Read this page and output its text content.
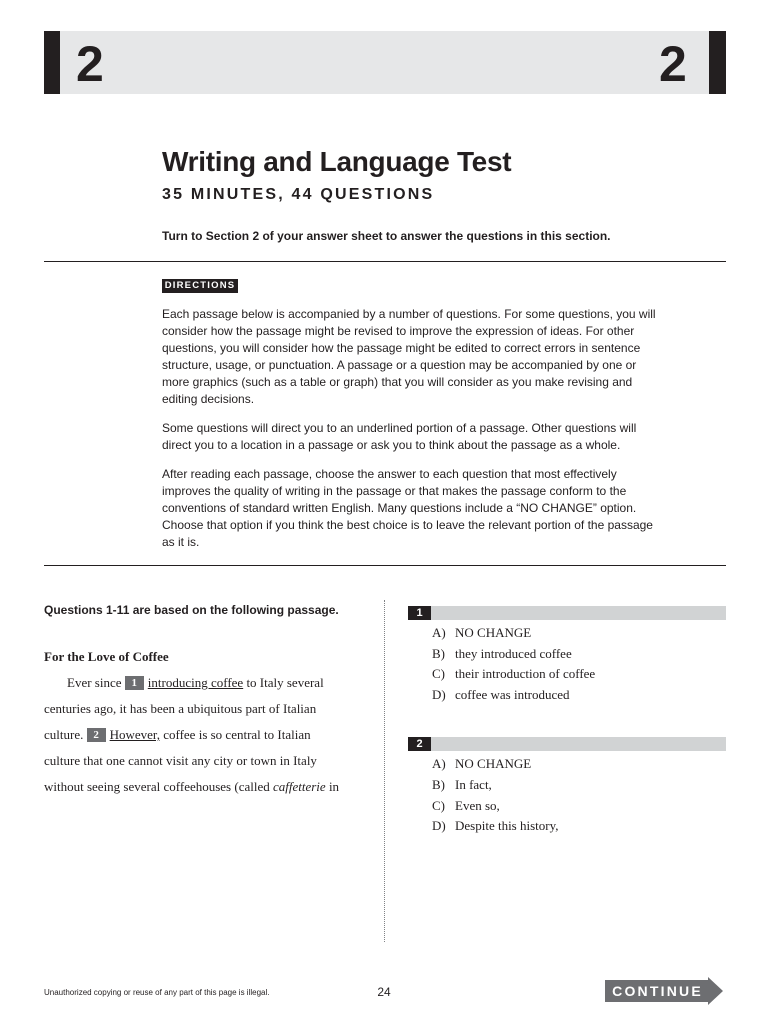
2	2
Writing and Language Test
35 MINUTES, 44 QUESTIONS
Turn to Section 2 of your answer sheet to answer the questions in this section.
DIRECTIONS

Each passage below is accompanied by a number of questions. For some questions, you will consider how the passage might be revised to improve the expression of ideas. For other questions, you will consider how the passage might be edited to correct errors in sentence structure, usage, or punctuation. A passage or a question may be accompanied by one or more graphics (such as a table or graph) that you will consider as you make revising and editing decisions.

Some questions will direct you to an underlined portion of a passage. Other questions will direct you to a location in a passage or ask you to think about the passage as a whole.

After reading each passage, choose the answer to each question that most effectively improves the quality of writing in the passage or that makes the passage conform to the conventions of standard written English. Many questions include a “NO CHANGE” option. Choose that option if you think the best choice is to leave the relevant portion of the passage as it is.

Questions 1-11 are based on the following passage.
For the Love of Coffee
Ever since 1 introducing coffee to Italy several
centuries ago, it has been a ubiquitous part of Italian
culture. 2 However, coffee is so central to Italian
culture that one cannot visit any city or town in Italy
without seeing several coffeehouses (called caffetterie in
1
A) NO CHANGE
B) they introduced coffee
C) their introduction of coffee
D) coffee was introduced
2
A) NO CHANGE
B) In fact,
C) Even so,
D) Despite this history,
Unauthorized copying or reuse of any part of this page is illegal.	24	CONTINUE
